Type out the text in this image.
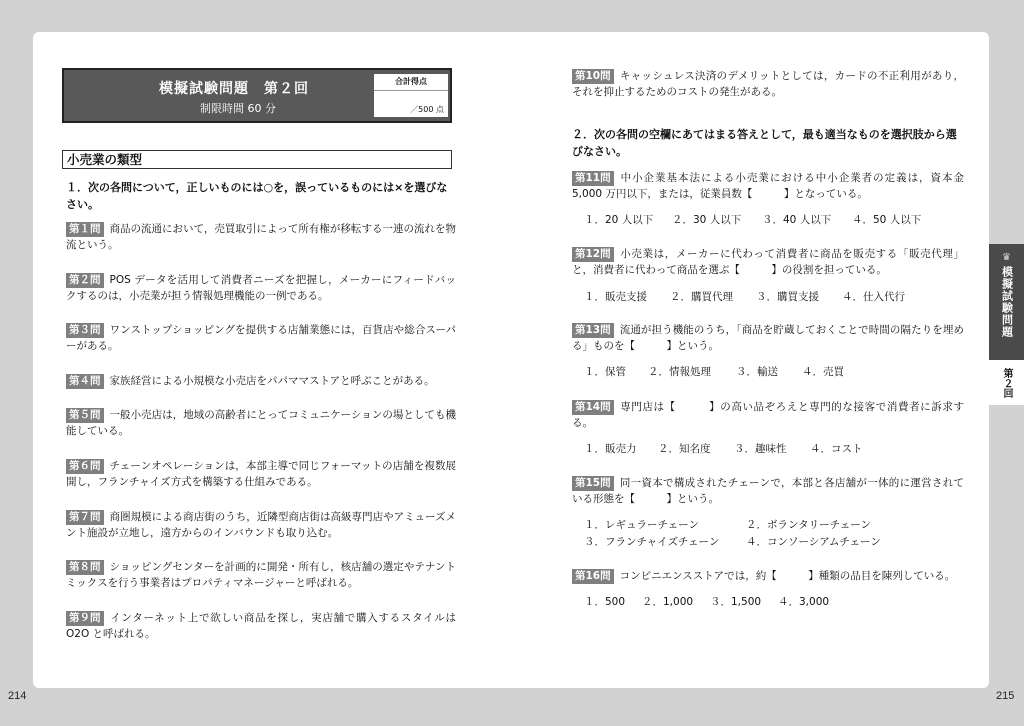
模擬試験問題　第２回
制限時間 60 分
合計得点
／500 点
小売業の類型
１．次の各問について，正しいものには○を，誤っているものには×を選びなさい。
第１問 商品の流通において，売買取引によって所有権が移転する一連の流れを物流という。
第２問 POS データを活用して消費者ニーズを把握し，メーカーにフィードバックするのは，小売業が担う情報処理機能の一例である。
第３問 ワンストップショッピングを提供する店舗業態には，百貨店や総合スーパーがある。
第４問 家族経営による小規模な小売店をパパママストアと呼ぶことがある。
第５問 一般小売店は，地域の高齢者にとってコミュニケーションの場としても機能している。
第６問 チェーンオペレーションは，本部主導で同じフォーマットの店舗を複数展開し，フランチャイズ方式を構築する仕組みである。
第７問 商圏規模による商店街のうち，近隣型商店街は高級専門店やアミューズメント施設が立地し，遠方からのインバウンドも取り込む。
第８問 ショッピングセンターを計画的に開発・所有し，核店舗の選定やテナントミックスを行う事業者はプロパティマネージャーと呼ばれる。
第９問 インターネット上で欲しい商品を探し，実店舗で購入するスタイルは O2O と呼ばれる。
214
第10問 キャッシュレス決済のデメリットとしては，カードの不正利用があり，それを抑止するためのコストの発生がある。
２．次の各問の空欄にあてはまる答えとして，最も適当なものを選択肢から選びなさい。
第11問 中小企業基本法による小売業における中小企業者の定義は，資本金 5,000 万円以下，または，従業員数【　　　】となっている。
１．20 人以下 ２．30 人以下 ３．40 人以下 ４．50 人以下
第12問 小売業は，メーカーに代わって消費者に商品を販売する「販売代理」と，消費者に代わって商品を選ぶ【　　　】の役割を担っている。
１．販売支援 ２．購買代理 ３．購買支援 ４．仕入代行
第13問 流通が担う機能のうち，「商品を貯蔵しておくことで時間の隔たりを埋める」ものを【　　　】という。
１．保管 ２．情報処理 ３．輸送 ４．売買
第14問 専門店は【　　　】の高い品ぞろえと専門的な接客で消費者に訴求する。
１．販売力 ２．知名度 ３．趣味性 ４．コスト
第15問 同一資本で構成されたチェーンで，本部と各店舗が一体的に運営されている形態を【　　　】という。
１．レギュラーチェーン	２．ボランタリーチェーン
３．フランチャイズチェーン	４．コンソーシアムチェーン
第16問 コンビニエンスストアでは，約【　　　】種類の品目を陳列している。
１．500 ２．1,000 ３．1,500 ４．3,000
♛
模擬試験問題
第２回
215
